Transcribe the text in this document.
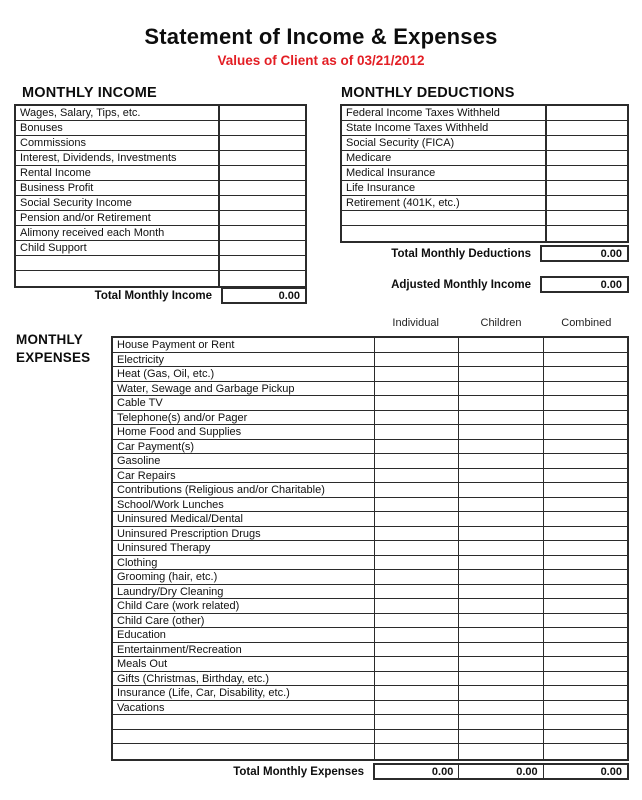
Statement of Income & Expenses
Values of Client as of 03/21/2012
MONTHLY INCOME
Wages, Salary, Tips, etc.
Bonuses
Commissions
Interest, Dividends, Investments
Rental Income
Business Profit
Social Security Income
Pension and/or Retirement
Alimony received each Month
Child Support
Total Monthly Income	0.00
MONTHLY DEDUCTIONS
Federal Income Taxes Withheld
State Income Taxes Withheld
Social Security (FICA)
Medicare
Medical Insurance
Life Insurance
Retirement (401K, etc.)
Total Monthly Deductions	0.00
Adjusted Monthly Income	0.00
Individual	Children	Combined
MONTHLY EXPENSES
House Payment or Rent
Electricity
Heat (Gas, Oil, etc.)
Water, Sewage and Garbage Pickup
Cable TV
Telephone(s) and/or Pager
Home Food and Supplies
Car Payment(s)
Gasoline
Car Repairs
Contributions (Religious and/or Charitable)
School/Work Lunches
Uninsured Medical/Dental
Uninsured Prescription Drugs
Uninsured Therapy
Clothing
Grooming (hair, etc.)
Laundry/Dry Cleaning
Child Care (work related)
Child Care (other)
Education
Entertainment/Recreation
Meals Out
Gifts (Christmas, Birthday, etc.)
Insurance (Life, Car, Disability, etc.)
Vacations
Total Monthly Expenses	0.00	0.00	0.00
